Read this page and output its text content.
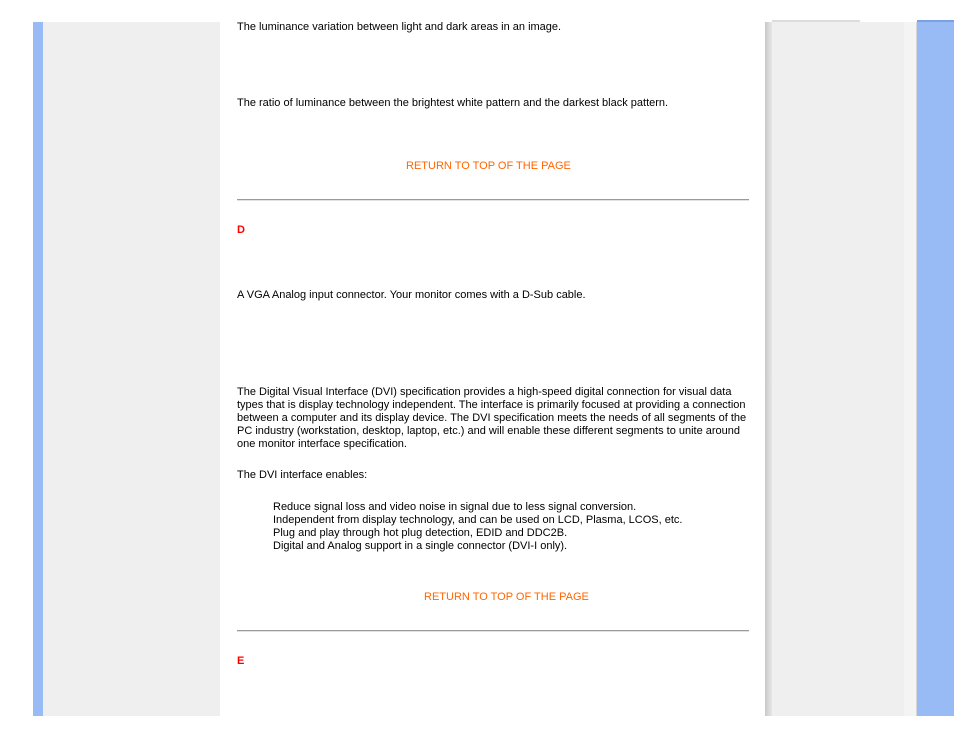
The luminance variation between light and dark areas in an image.

The ratio of luminance between the brightest white pattern and the darkest black pattern.

RETURN TO TOP OF THE PAGE

D

A VGA Analog input connector. Your monitor comes with a D-Sub cable.

The Digital Visual Interface (DVI) specification provides a high-speed digital connection for visual data types that is display technology independent. The interface is primarily focused at providing a connection between a computer and its display device. The DVI specification meets the needs of all segments of the PC industry (workstation, desktop, laptop, etc.) and will enable these different segments to unite around one monitor interface specification.

The DVI interface enables:

Reduce signal loss and video noise in signal due to less signal conversion.
Independent from display technology, and can be used on LCD, Plasma, LCOS, etc.
Plug and play through hot plug detection, EDID and DDC2B.
Digital and Analog support in a single connector (DVI-I only).
RETURN TO TOP OF THE PAGE

E
